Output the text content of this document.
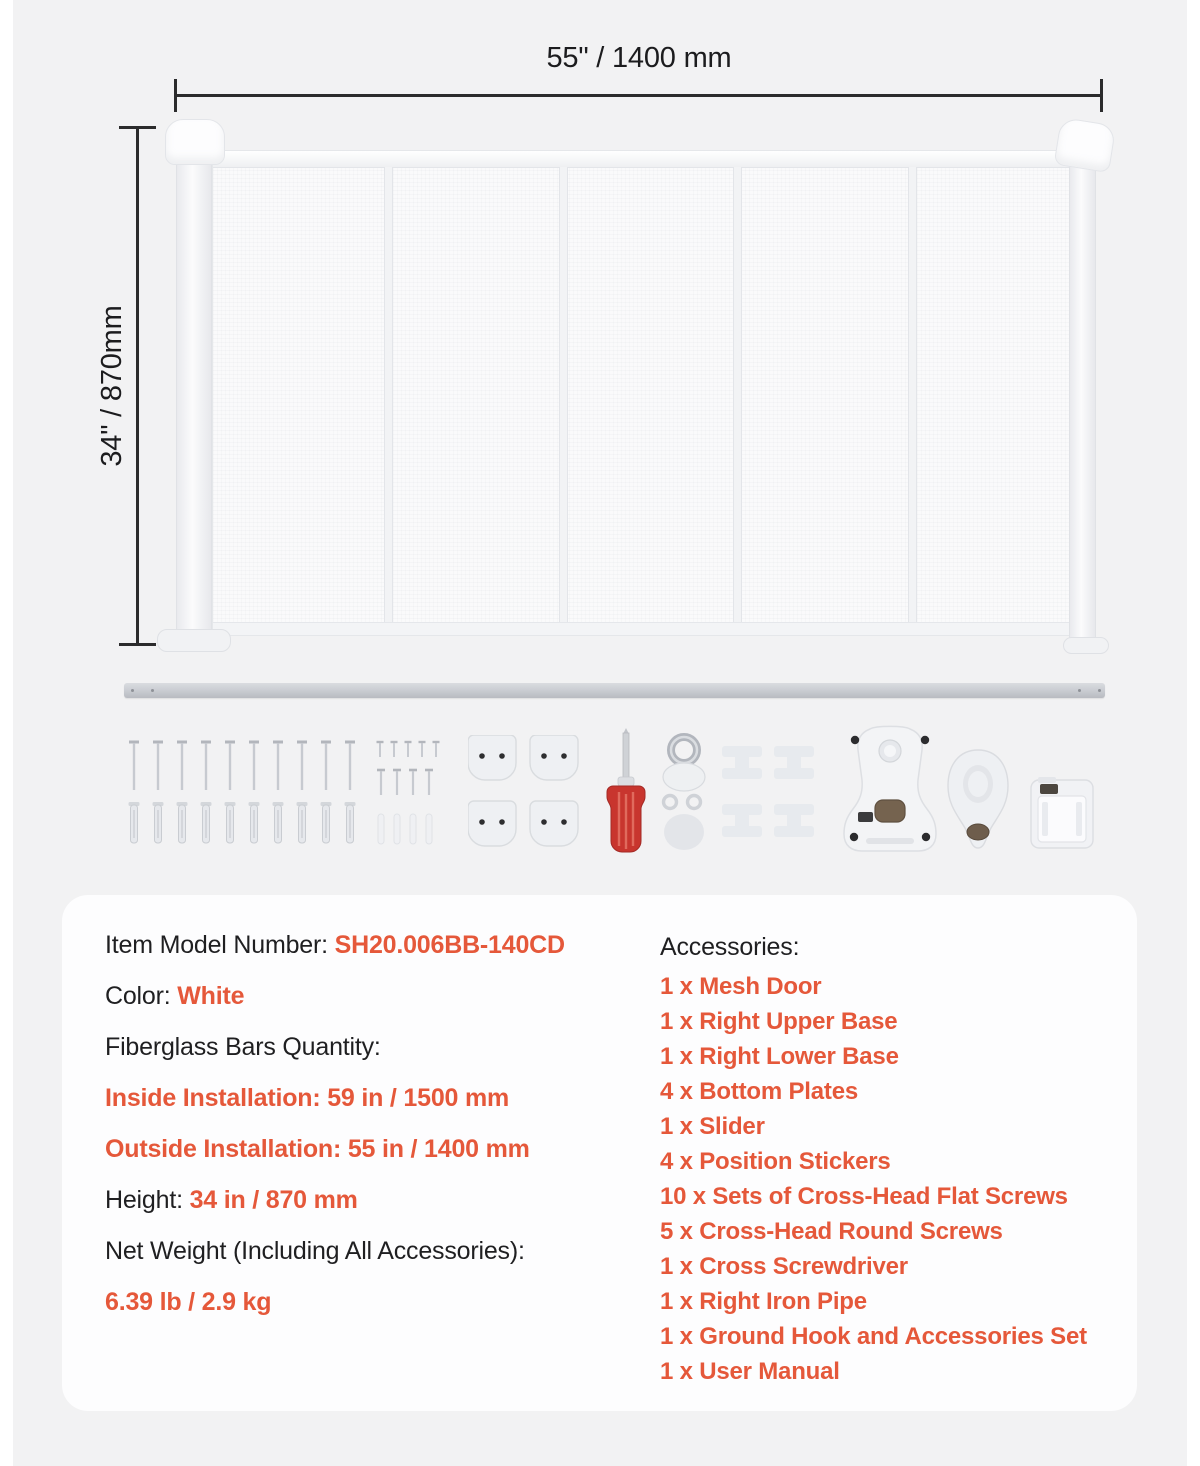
55" / 1400 mm
34" / 870mm
Item Model Number: SH20.006BB-140CD
Color: White
Fiberglass Bars Quantity:
Inside Installation: 59 in / 1500 mm
Outside Installation: 55 in / 1400 mm
Height: 34 in / 870 mm
Net Weight (Including All Accessories):
6.39 lb / 2.9 kg
Accessories:
1 x Mesh Door
1 x Right Upper Base
1 x Right Lower Base
4 x Bottom Plates
1 x Slider
4 x Position Stickers
10 x Sets of Cross-Head Flat Screws
5 x Cross-Head Round Screws
1 x Cross Screwdriver
1 x Right Iron Pipe
1 x Ground Hook and Accessories Set
1 x User Manual
